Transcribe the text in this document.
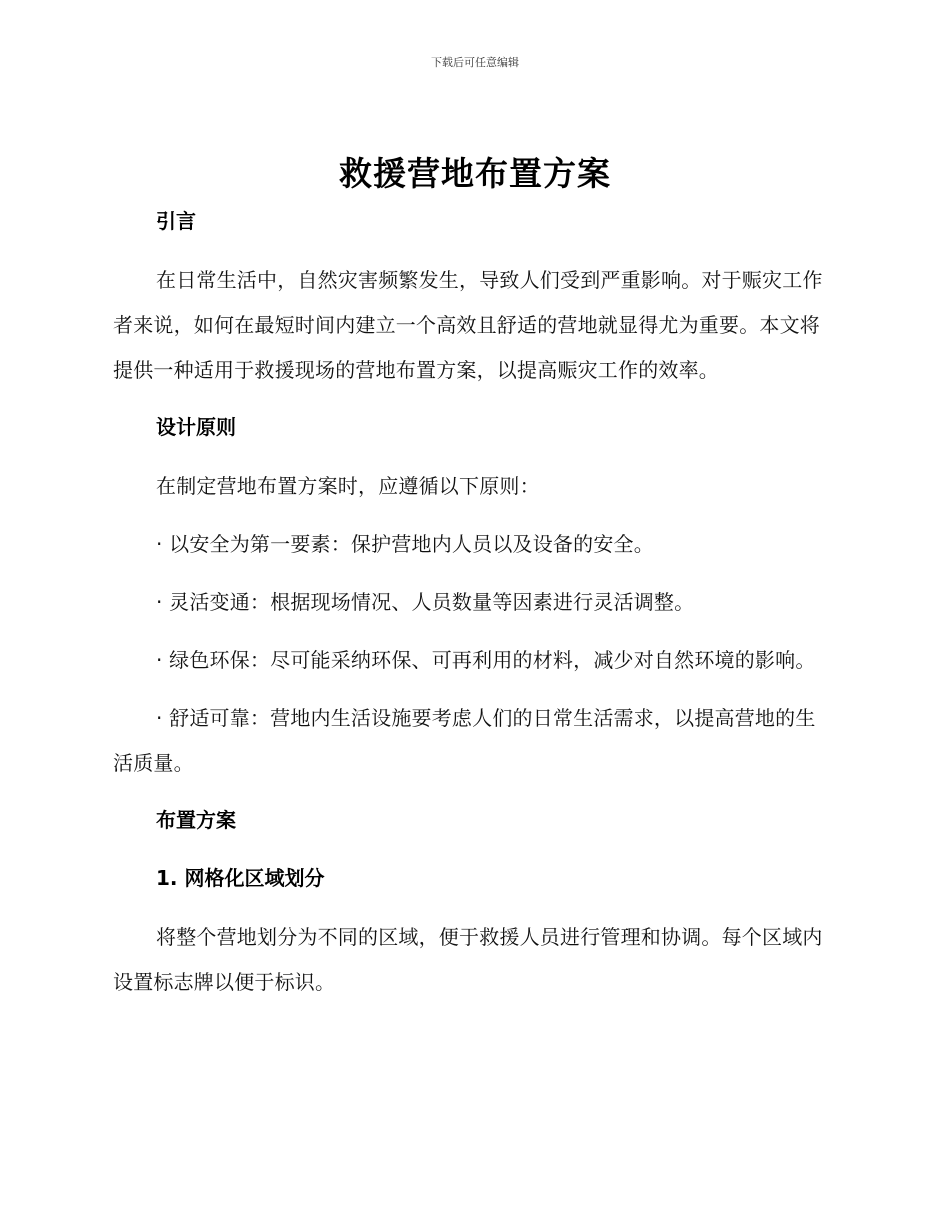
下载后可任意编辑
救援营地布置方案
引言
在日常生活中，自然灾害频繁发生，导致人们受到严重影响。对于赈灾工作者来说，如何在最短时间内建立一个高效且舒适的营地就显得尤为重要。本文将提供一种适用于救援现场的营地布置方案，以提高赈灾工作的效率。
设计原则
在制定营地布置方案时，应遵循以下原则：
· 以安全为第一要素：保护营地内人员以及设备的安全。
· 灵活变通：根据现场情况、人员数量等因素进行灵活调整。
· 绿色环保：尽可能采纳环保、可再利用的材料，减少对自然环境的影响。
· 舒适可靠：营地内生活设施要考虑人们的日常生活需求，以提高营地的生活质量。
布置方案
1. 网格化区域划分
将整个营地划分为不同的区域，便于救援人员进行管理和协调。每个区域内设置标志牌以便于标识。
